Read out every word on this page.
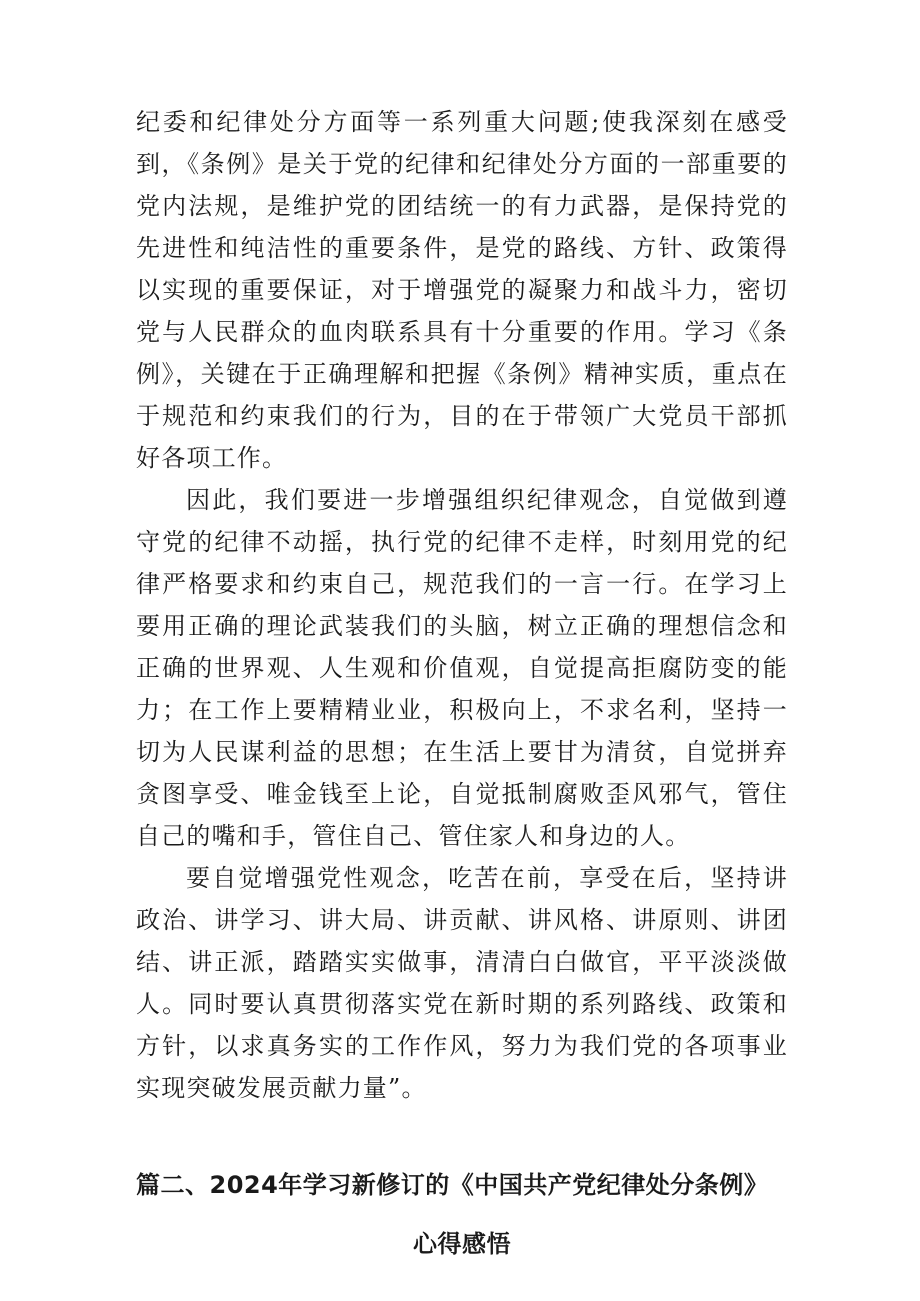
纪委和纪律处分方面等一系列重大问题;使我深刻在感受到，《条例》是关于党的纪律和纪律处分方面的一部重要的党内法规，是维护党的团结统一的有力武器，是保持党的先进性和纯洁性的重要条件，是党的路线、方针、政策得以实现的重要保证，对于增强党的凝聚力和战斗力，密切党与人民群众的血肉联系具有十分重要的作用。学习《条例》，关键在于正确理解和把握《条例》精神实质，重点在于规范和约束我们的行为，目的在于带领广大党员干部抓好各项工作。

因此，我们要进一步增强组织纪律观念，自觉做到遵守党的纪律不动摇，执行党的纪律不走样，时刻用党的纪律严格要求和约束自己，规范我们的一言一行。在学习上要用正确的理论武装我们的头脑，树立正确的理想信念和正确的世界观、人生观和价值观，自觉提高拒腐防变的能力；在工作上要精精业业，积极向上，不求名利，坚持一切为人民谋利益的思想；在生活上要甘为清贫，自觉拼弃贪图享受、唯金钱至上论，自觉抵制腐败歪风邪气，管住自己的嘴和手，管住自己、管住家人和身边的人。

要自觉增强党性观念，吃苦在前，享受在后，坚持讲政治、讲学习、讲大局、讲贡献、讲风格、讲原则、讲团结、讲正派，踏踏实实做事，清清白白做官，平平淡淡做人。同时要认真贯彻落实党在新时期的系列路线、政策和方针，以求真务实的工作作风，努力为我们党的各项事业实现突破发展贡献力量”。

篇二、2024年学习新修订的《中国共产党纪律处分条例》
心得感悟
